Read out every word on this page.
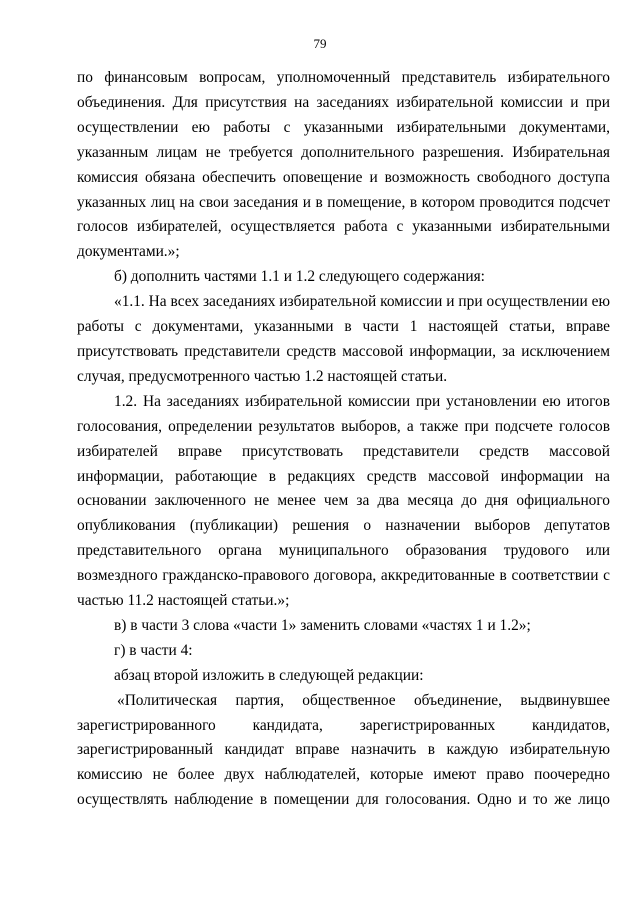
79

по финансовым вопросам, уполномоченный представитель избирательного объединения. Для присутствия на заседаниях избирательной комиссии и при осуществлении ею работы с указанными избирательными документами, указанным лицам не требуется дополнительного разрешения. Избирательная комиссия обязана обеспечить оповещение и возможность свободного доступа указанных лиц на свои заседания и в помещение, в котором проводится подсчет голосов избирателей, осуществляется работа с указанными избирательными документами.»;

б) дополнить частями 1.1 и 1.2 следующего содержания:

«1.1. На всех заседаниях избирательной комиссии и при осуществлении ею работы с документами, указанными в части 1 настоящей статьи, вправе присутствовать представители средств массовой информации, за исключением случая, предусмотренного частью 1.2 настоящей статьи.

1.2. На заседаниях избирательной комиссии при установлении ею итогов голосования, определении результатов выборов, а также при подсчете голосов избирателей вправе присутствовать представители средств массовой информации, работающие в редакциях средств массовой информации на основании заключенного не менее чем за два месяца до дня официального опубликования (публикации) решения о назначении выборов депутатов представительного органа муниципального образования трудового или возмездного гражданско-правового договора, аккредитованные в соответствии с частью 11.2 настоящей статьи.»;

в) в части 3 слова «части 1» заменить словами «частях 1 и 1.2»;

г) в части 4:

абзац второй изложить в следующей редакции:

«Политическая партия, общественное объединение, выдвинувшее зарегистрированного кандидата, зарегистрированных кандидатов, зарегистрированный кандидат вправе назначить в каждую избирательную комиссию не более двух наблюдателей, которые имеют право поочередно осуществлять наблюдение в помещении для голосования. Одно и то же лицо
